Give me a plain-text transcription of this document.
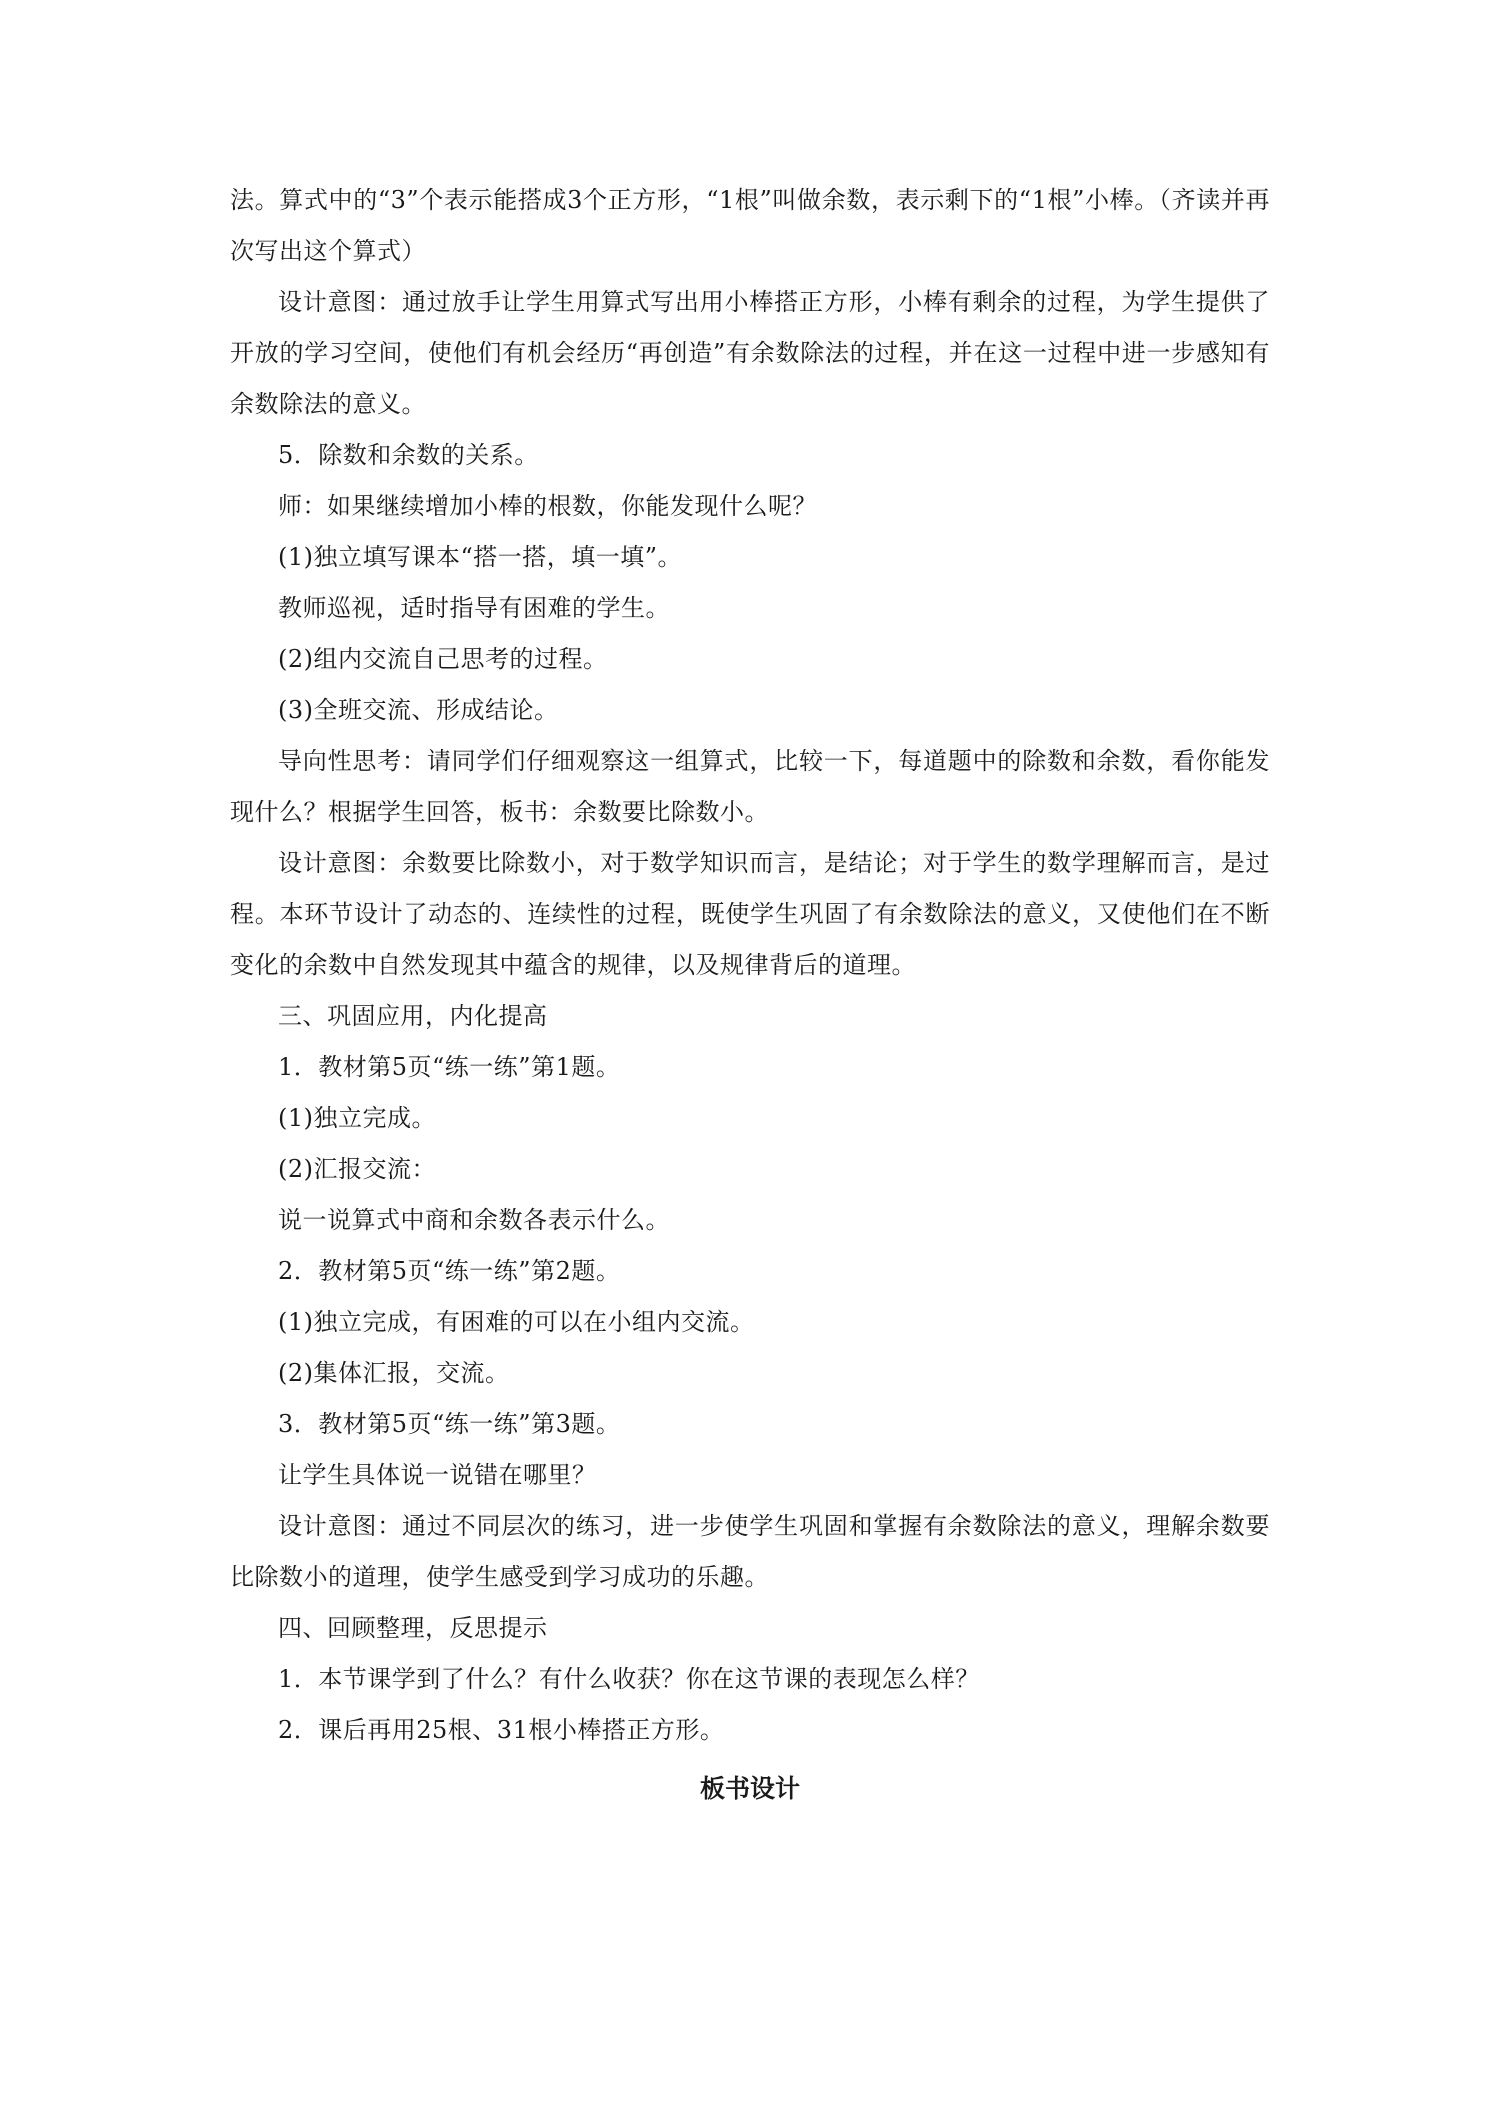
法。算式中的“3”个表示能搭成3个正方形，“1根”叫做余数，表示剩下的“1根”小棒。（齐读并再次写出这个算式）

设计意图：通过放手让学生用算式写出用小棒搭正方形，小棒有剩余的过程，为学生提供了开放的学习空间，使他们有机会经历“再创造”有余数除法的过程，并在这一过程中进一步感知有余数除法的意义。

5．除数和余数的关系。

师：如果继续增加小棒的根数，你能发现什么呢？

(1)独立填写课本“搭一搭，填一填”。

教师巡视，适时指导有困难的学生。

(2)组内交流自己思考的过程。

(3)全班交流、形成结论。

导向性思考：请同学们仔细观察这一组算式，比较一下，每道题中的除数和余数，看你能发现什么？根据学生回答，板书：余数要比除数小。

设计意图：余数要比除数小，对于数学知识而言，是结论；对于学生的数学理解而言，是过程。本环节设计了动态的、连续性的过程，既使学生巩固了有余数除法的意义，又使他们在不断变化的余数中自然发现其中蕴含的规律，以及规律背后的道理。

三、巩固应用，内化提高

1．教材第5页“练一练”第1题。

(1)独立完成。

(2)汇报交流：

说一说算式中商和余数各表示什么。

2．教材第5页“练一练”第2题。

(1)独立完成，有困难的可以在小组内交流。

(2)集体汇报，交流。

3．教材第5页“练一练”第3题。

让学生具体说一说错在哪里？

设计意图：通过不同层次的练习，进一步使学生巩固和掌握有余数除法的意义，理解余数要比除数小的道理，使学生感受到学习成功的乐趣。

四、回顾整理，反思提示

1．本节课学到了什么？有什么收获？你在这节课的表现怎么样？

2．课后再用25根、31根小棒搭正方形。

板书设计
